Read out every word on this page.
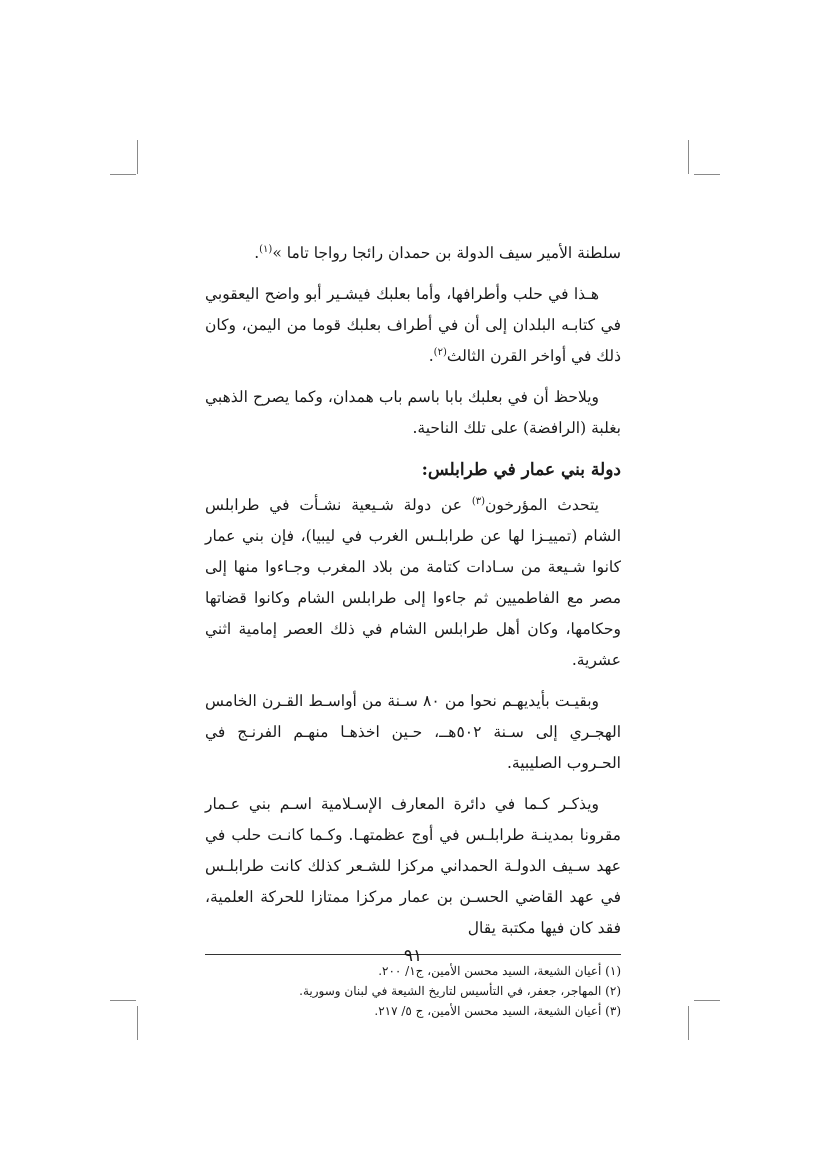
سلطنة الأمير سيف الدولة بن حمدان رائجا رواجا تاما »$^{(١)}$.

هـذا في حلب وأطرافها، وأما بعلبك فيشـير أبو واضح اليعقوبي في كتابـه البلدان إلى أن في أطراف بعلبك قوما من اليمن، وكان ذلك في أواخر القرن الثالث$^{(٢)}$.

ويلاحظ أن في بعلبك بابا باسم باب همدان، وكما يصرح الذهبي بغلبة (الرافضة) على تلك الناحية.

دولة بني عمار في طرابلس:

يتحدث المؤرخون$^{(٣)}$ عن دولة شـيعية نشـأت في طرابلس الشام (تمييـزا لها عن طرابلـس الغرب في ليبيا)، فإن بني عمار كانوا شـيعة من سـادات كتامة من بلاد المغرب وجـاءوا منها إلى مصر مع الفاطميين ثم جاءوا إلى طرابلس الشام وكانوا قضاتها وحكامها، وكان أهل طرابلس الشام في ذلك العصر إمامية اثني عشرية.

وبقيـت بأيديهـم نحوا من ٨٠ سـنة من أواسـط القـرن الخامس الهجـري إلى سـنة ٥٠٢هــ، حـين اخذهـا منهـم الفرنـج في الحـروب الصليبية.

ويذكـر كـما في دائرة المعارف الإسـلامية اسـم بني عـمار مقرونا بمدينـة طرابلـس في أوج عظمتهـا. وكـما كانـت حلب في عهد سـيف الدولـة الحمداني مركزا للشـعر كذلك كانت طرابلـس في عهد القاضي الحسـن بن عمار مركزا ممتازا للحركة العلمية، فقد كان فيها مكتبة يقال

(١) أعيان الشيعة، السيد محسن الأمين، ج١/ ٢٠٠.

(٢) المهاجر، جعفر، في التأسيس لتاريخ الشيعة في لبنان وسورية.

(٣) أعيان الشيعة، السيد محسن الأمين، ج ٥/ ٢١٧.

٩١
